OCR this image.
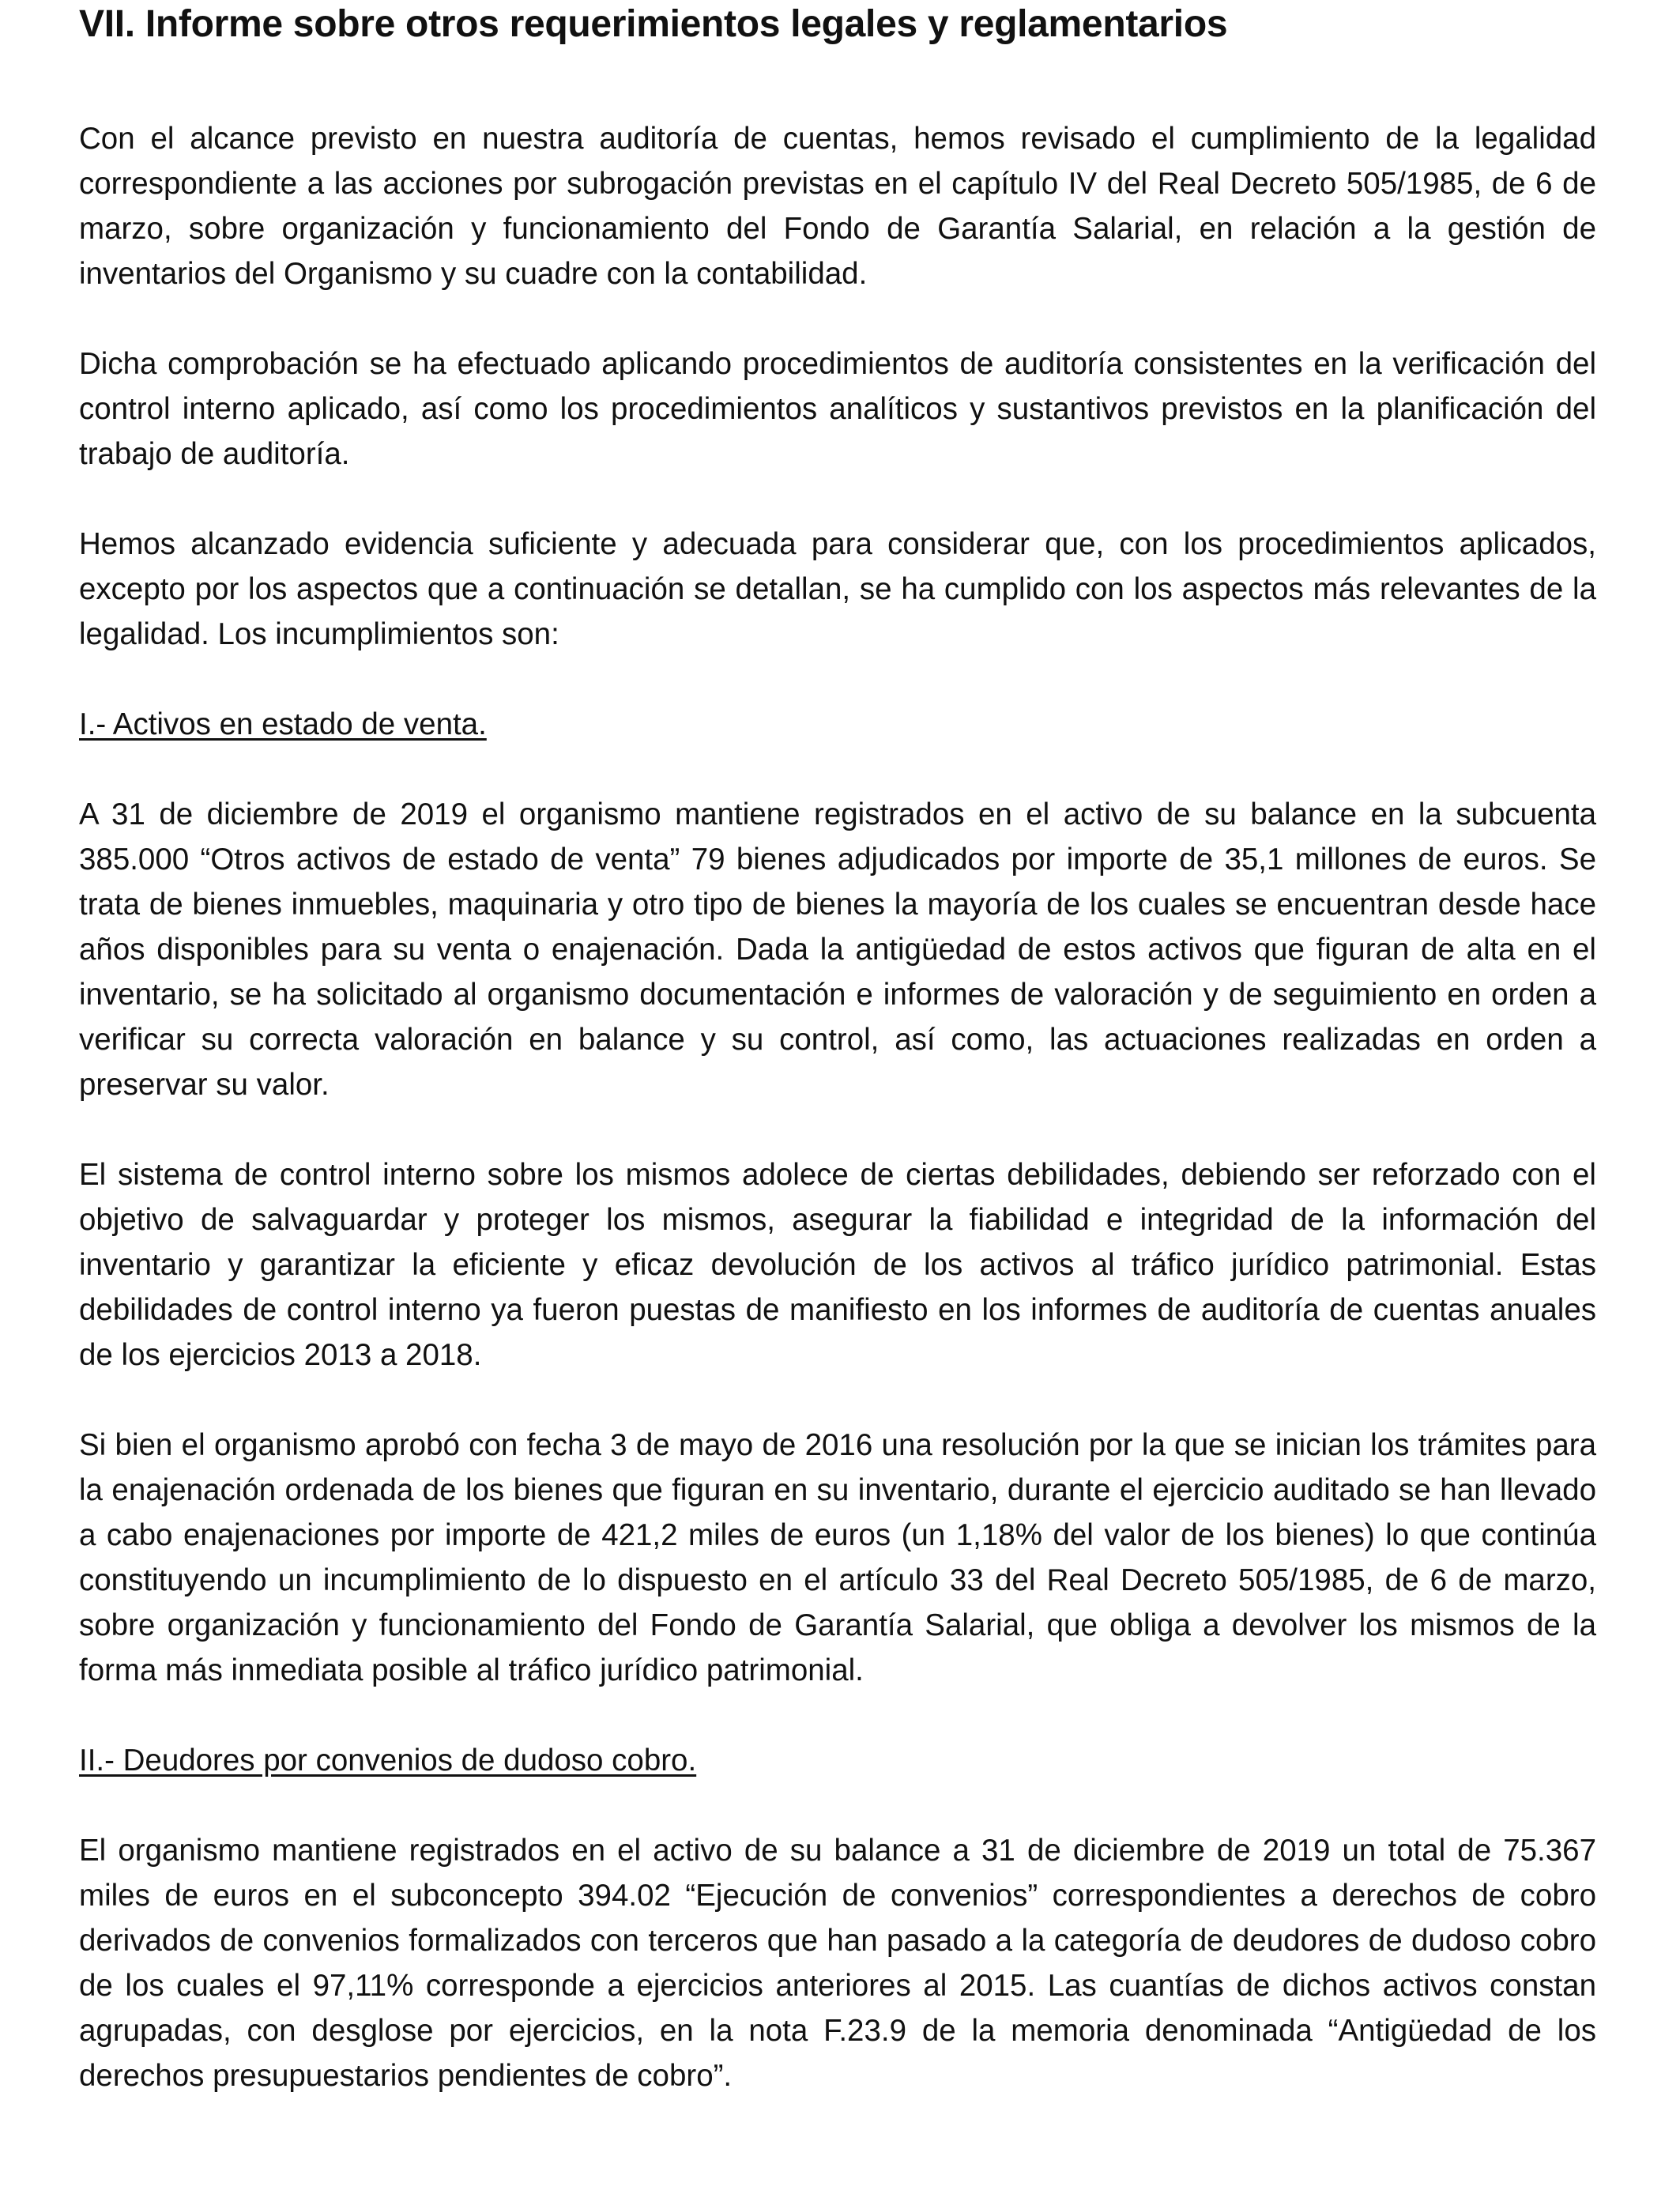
VII. Informe sobre otros requerimientos legales y reglamentarios

Con el alcance previsto en nuestra auditoría de cuentas, hemos revisado el cumplimiento de la legalidad correspondiente a las acciones por subrogación previstas en el capítulo IV del Real Decreto 505/1985, de 6 de marzo, sobre organización y funcionamiento del Fondo de Garantía Salarial, en relación a la gestión de inventarios del Organismo y su cuadre con la contabilidad.

Dicha comprobación se ha efectuado aplicando procedimientos de auditoría consistentes en la verificación del control interno aplicado, así como los procedimientos analíticos y sustantivos previstos en la planificación del trabajo de auditoría.

Hemos alcanzado evidencia suficiente y adecuada para considerar que, con los procedimientos aplicados, excepto por los aspectos que a continuación se detallan, se ha cumplido con los aspectos más relevantes de la legalidad. Los incumplimientos son:

I.- Activos en estado de venta.

A 31 de diciembre de 2019 el organismo mantiene registrados en el activo de su balance en la subcuenta 385.000 “Otros activos de estado de venta” 79 bienes adjudicados por importe de 35,1 millones de euros. Se trata de bienes inmuebles, maquinaria y otro tipo de bienes la mayoría de los cuales se encuentran desde hace años disponibles para su venta o enajenación. Dada la antigüedad de estos activos que figuran de alta en el inventario, se ha solicitado al organismo documentación e informes de valoración y de seguimiento en orden a verificar su correcta valoración en balance y su control, así como, las actuaciones realizadas en orden a preservar su valor.

El sistema de control interno sobre los mismos adolece de ciertas debilidades, debiendo ser reforzado con el objetivo de salvaguardar y proteger los mismos, asegurar la fiabilidad e integridad de la información del inventario y garantizar la eficiente y eficaz devolución de los activos al tráfico jurídico patrimonial. Estas debilidades de control interno ya fueron puestas de manifiesto en los informes de auditoría de cuentas anuales de los ejercicios 2013 a 2018.

Si bien el organismo aprobó con fecha 3 de mayo de 2016 una resolución por la que se inician los trámites para la enajenación ordenada de los bienes que figuran en su inventario, durante el ejercicio auditado se han llevado a cabo enajenaciones por importe de 421,2 miles de euros (un 1,18% del valor de los bienes) lo que continúa constituyendo un incumplimiento de lo dispuesto en el artículo 33 del Real Decreto 505/1985, de 6 de marzo, sobre organización y funcionamiento del Fondo de Garantía Salarial, que obliga a devolver los mismos de la forma más inmediata posible al tráfico jurídico patrimonial.

II.- Deudores por convenios de dudoso cobro.

El organismo mantiene registrados en el activo de su balance a 31 de diciembre de 2019 un total de 75.367 miles de euros en el subconcepto 394.02 “Ejecución de convenios” correspondientes a derechos de cobro derivados de convenios formalizados con terceros que han pasado a la categoría de deudores de dudoso cobro de los cuales el 97,11% corresponde a ejercicios anteriores al 2015. Las cuantías de dichos activos constan agrupadas, con desglose por ejercicios, en la nota F.23.9 de la memoria denominada “Antigüedad de los derechos presupuestarios pendientes de cobro”.
